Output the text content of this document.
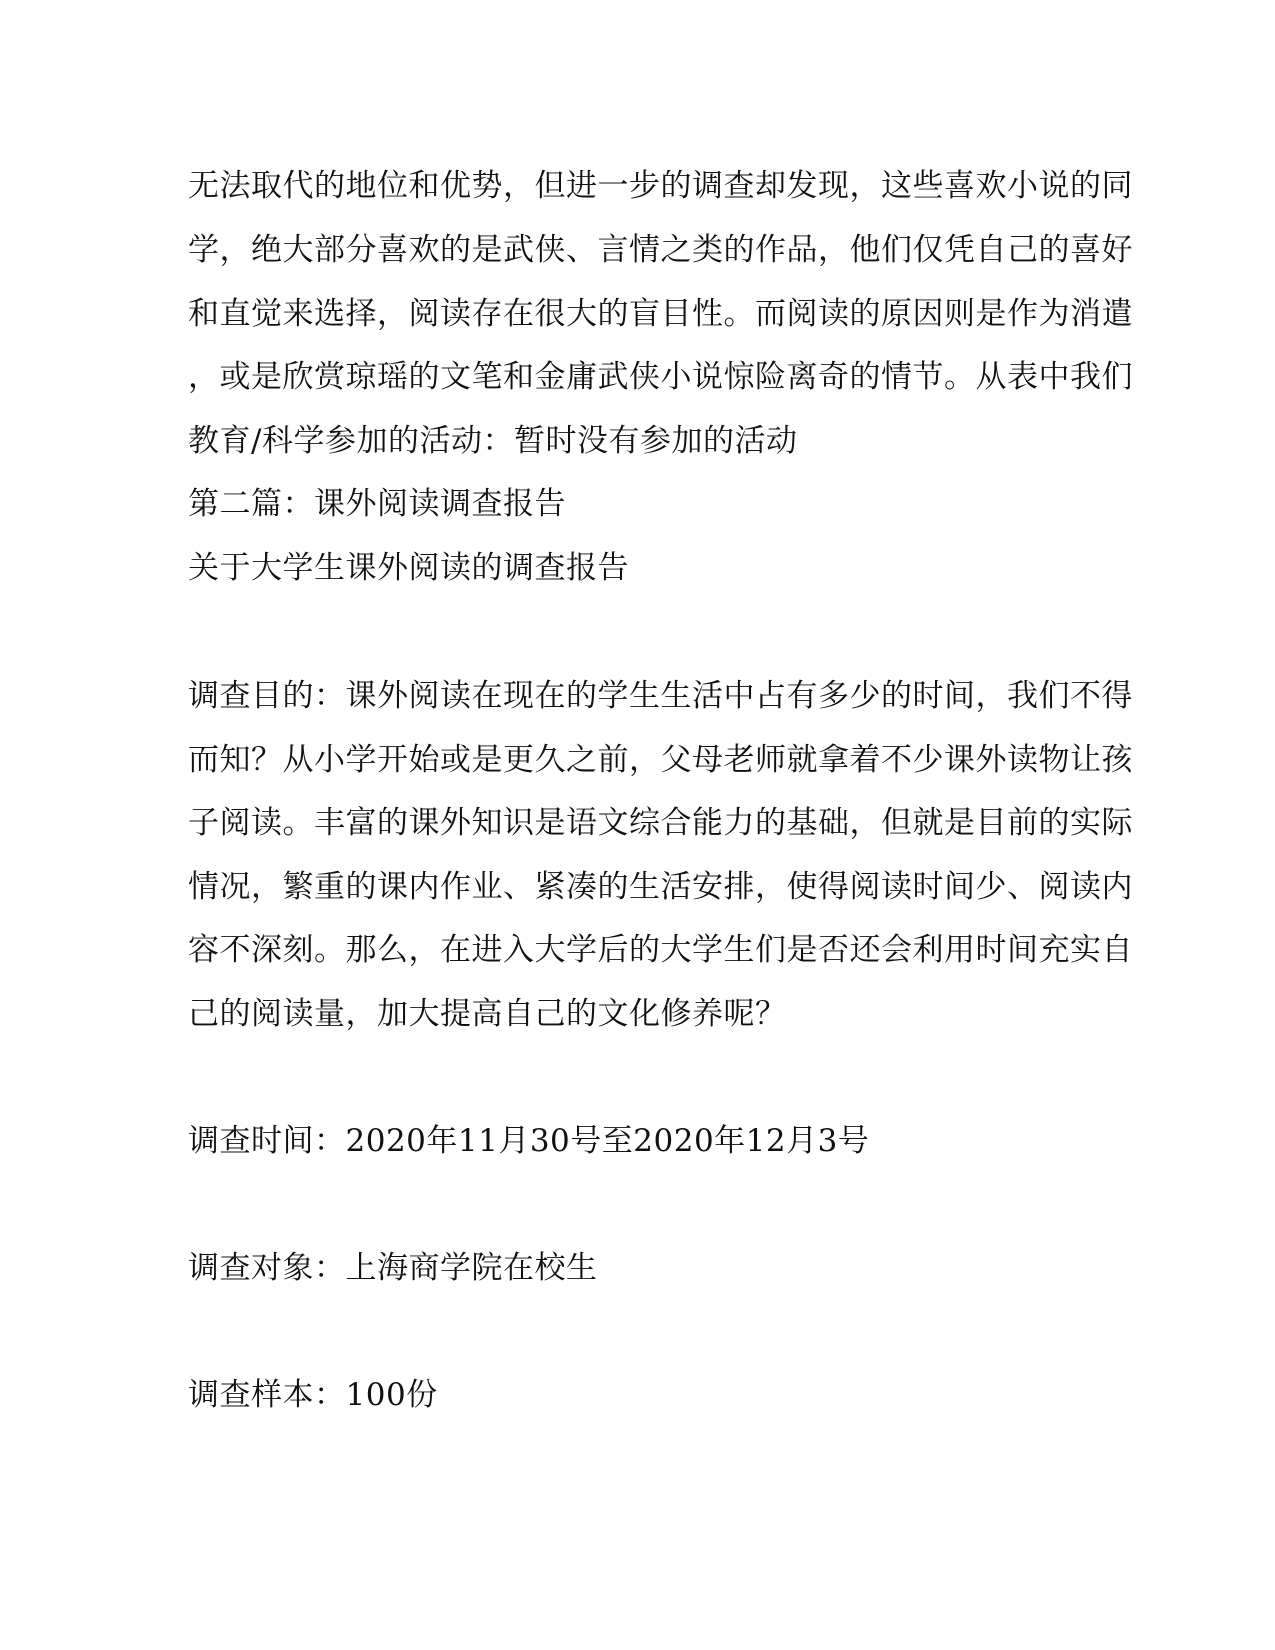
无法取代的地位和优势，但进一步的调查却发现，这些喜欢小说的同

学，绝大部分喜欢的是武侠、言情之类的作品，他们仅凭自己的喜好

和直觉来选择，阅读存在很大的盲目性。而阅读的原因则是作为消遣

，或是欣赏琼瑶的文笔和金庸武侠小说惊险离奇的情节。从表中我们

教育/科学参加的活动：暂时没有参加的活动

第二篇：课外阅读调查报告

关于大学生课外阅读的调查报告

调查目的：课外阅读在现在的学生生活中占有多少的时间，我们不得

而知？从小学开始或是更久之前，父母老师就拿着不少课外读物让孩

子阅读。丰富的课外知识是语文综合能力的基础，但就是目前的实际

情况，繁重的课内作业、紧凑的生活安排，使得阅读时间少、阅读内

容不深刻。那么，在进入大学后的大学生们是否还会利用时间充实自

己的阅读量，加大提高自己的文化修养呢？

调查时间：2020年11月30号至2020年12月3号

调查对象：上海商学院在校生

调查样本：100份
